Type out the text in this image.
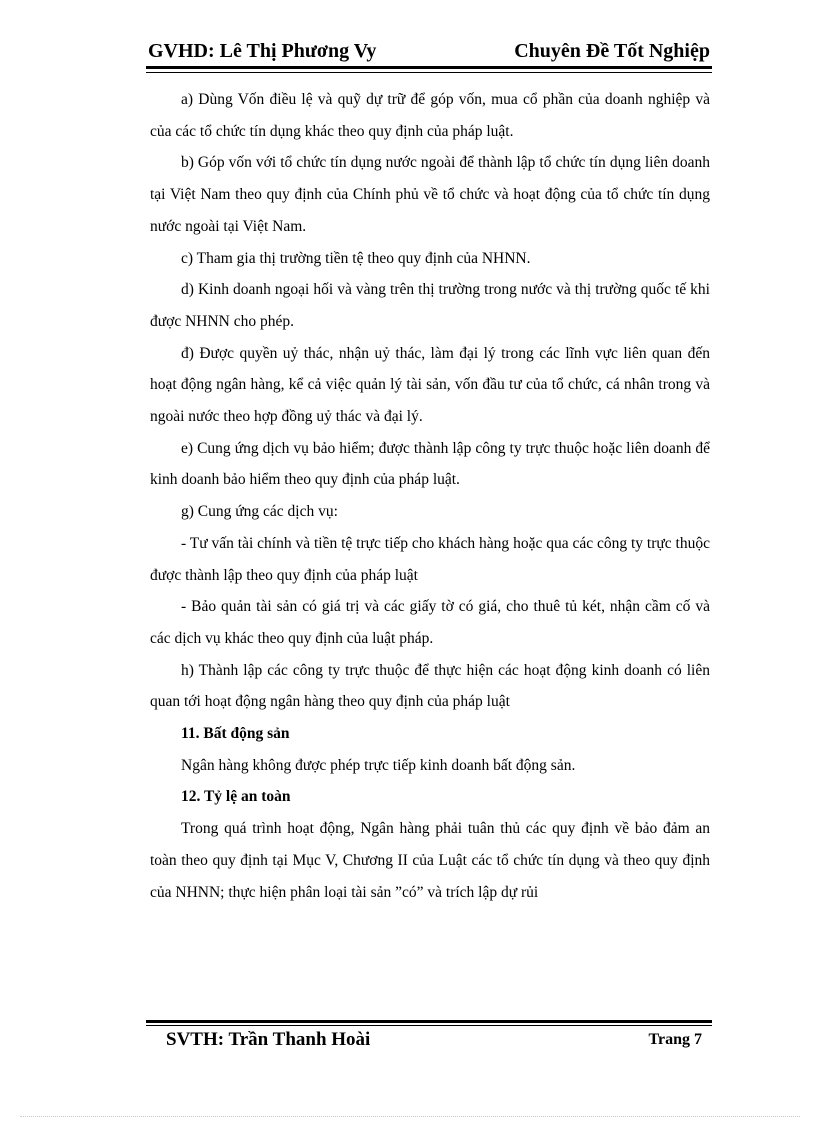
GVHD: Lê Thị Phương Vy	Chuyên Đề Tốt Nghiệp

a) Dùng Vốn điều lệ và quỹ dự trữ để góp vốn, mua cổ phần của doanh nghiệp và của các tổ chức tín dụng khác theo quy định của pháp luật.

b) Góp vốn với tổ chức tín dụng nước ngoài để thành lập tổ chức tín dụng liên doanh tại Việt Nam theo quy định của Chính phủ về tổ chức và hoạt động của tổ chức tín dụng nước ngoài tại Việt Nam.

c) Tham gia thị trường tiền tệ theo quy định của NHNN.

d) Kinh doanh ngoại hối và vàng trên thị trường trong nước và thị trường quốc tế khi được NHNN cho phép.

đ) Được quyền uỷ thác, nhận uỷ thác, làm đại lý trong các lĩnh vực liên quan đến hoạt động ngân hàng, kể cả việc quản lý tài sản, vốn đầu tư của tổ chức, cá nhân trong và ngoài nước theo hợp đồng uỷ thác và đại lý.

e) Cung ứng dịch vụ bảo hiểm; được thành lập công ty trực thuộc hoặc liên doanh để kinh doanh bảo hiểm theo quy định của pháp luật.

g) Cung ứng các dịch vụ:

- Tư vấn tài chính và tiền tệ trực tiếp cho khách hàng hoặc qua các công ty trực thuộc được thành lập theo quy định của pháp luật

- Bảo quản tài sản có giá trị và các giấy tờ có giá, cho thuê tủ két, nhận cầm cố và các dịch vụ khác theo quy định của luật pháp.

h) Thành lập các công ty trực thuộc để thực hiện các hoạt động kinh doanh có liên quan tới hoạt động ngân hàng theo quy định của pháp luật

11. Bất động sản

Ngân hàng không được phép trực tiếp kinh doanh bất động sản.

12. Tỷ lệ an toàn

Trong quá trình hoạt động, Ngân hàng phải tuân thủ các quy định về bảo đảm an toàn theo quy định tại Mục V, Chương II của Luật các tổ chức tín dụng và theo quy định của NHNN; thực hiện phân loại tài sản ”có” và trích lập dự rủi

SVTH: Trần Thanh Hoài	Trang 7
